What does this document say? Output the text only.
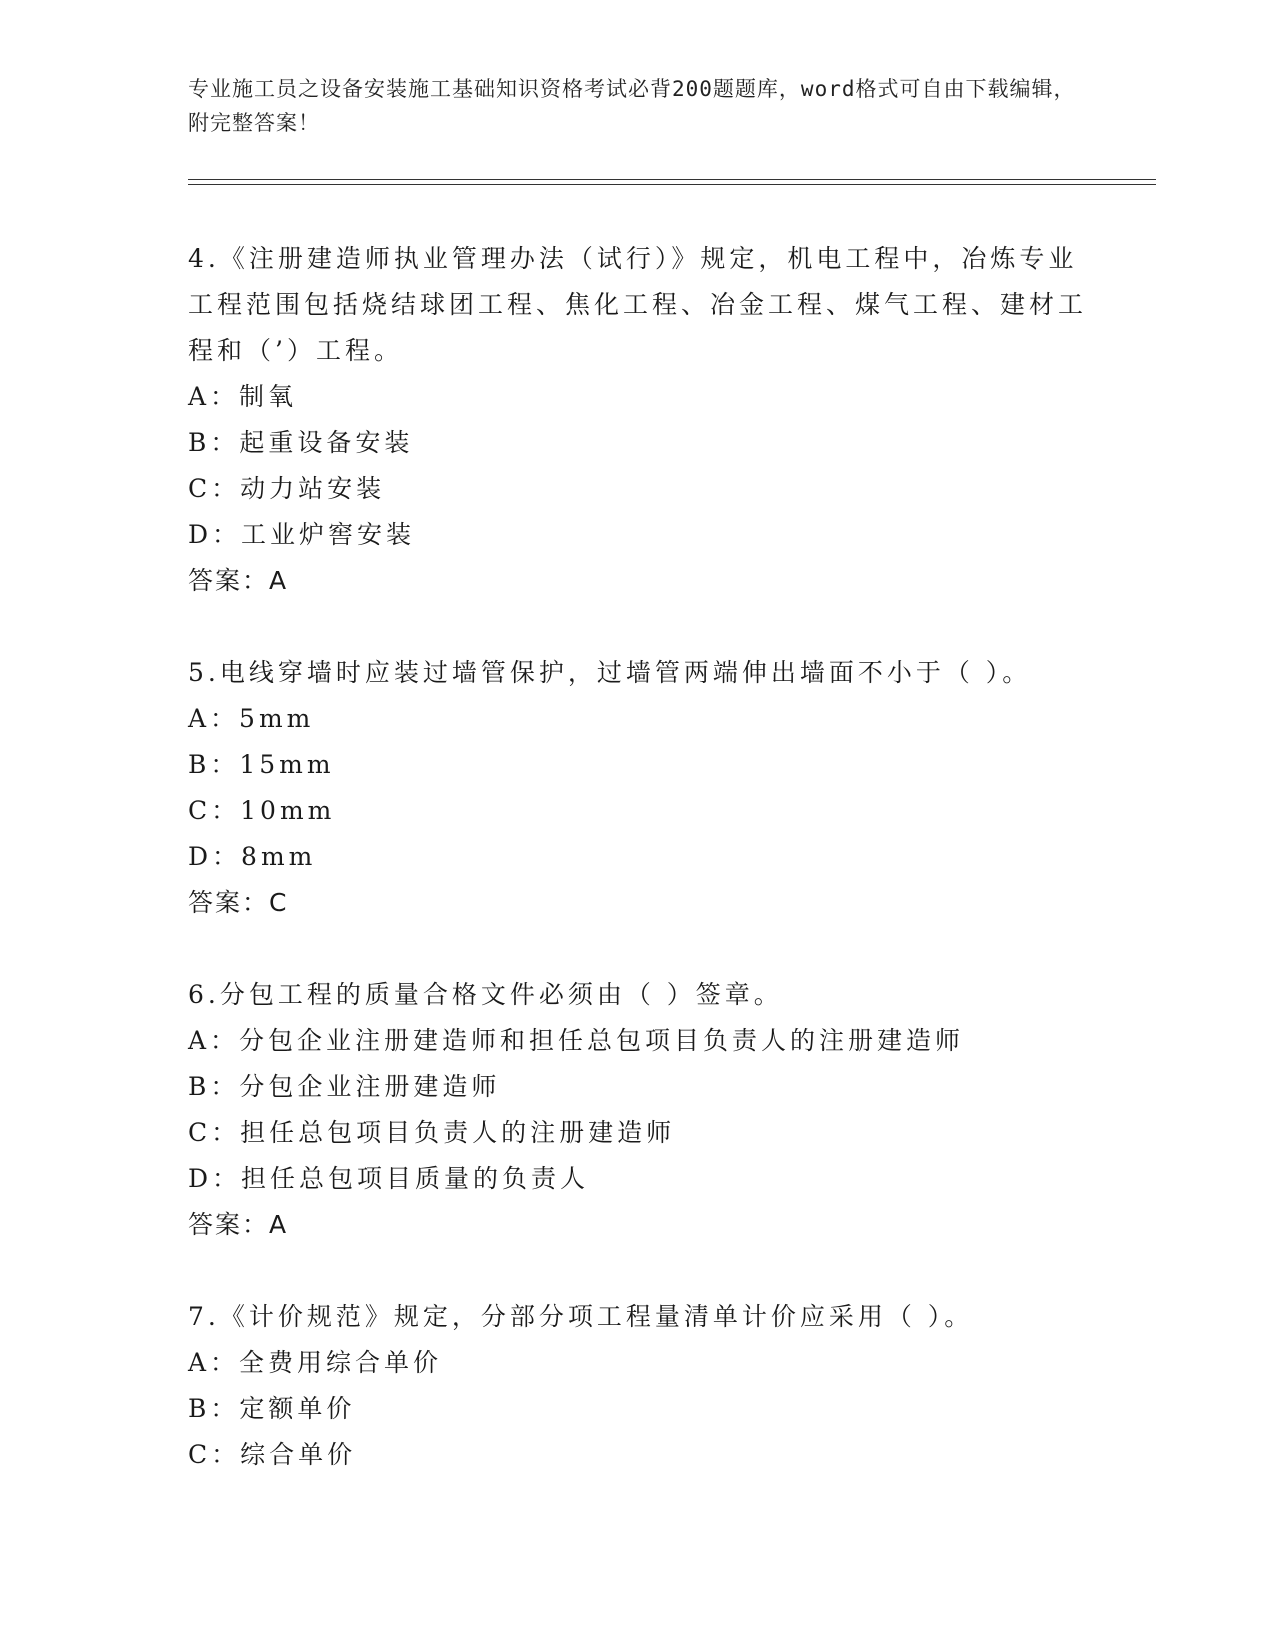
专业施工员之设备安装施工基础知识资格考试必背200题题库，word格式可自由下载编辑，附完整答案！

4.《注册建造师执业管理办法（试行）》规定，机电工程中，冶炼专业工程范围包括烧结球团工程、焦化工程、冶金工程、煤气工程、建材工程和（’）工程。

A：制氧

B：起重设备安装

C：动力站安装

D：工业炉窖安装

答案：A

5.电线穿墙时应装过墙管保护，过墙管两端伸出墙面不小于（ ）。

A：5mm

B：15mm

C：10mm

D：8mm

答案：C

6.分包工程的质量合格文件必须由（ ）签章。

A：分包企业注册建造师和担任总包项目负责人的注册建造师

B：分包企业注册建造师

C：担任总包项目负责人的注册建造师

D：担任总包项目质量的负责人

答案：A

7.《计价规范》规定，分部分项工程量清单计价应采用（ ）。

A：全费用综合单价

B：定额单价

C：综合单价
